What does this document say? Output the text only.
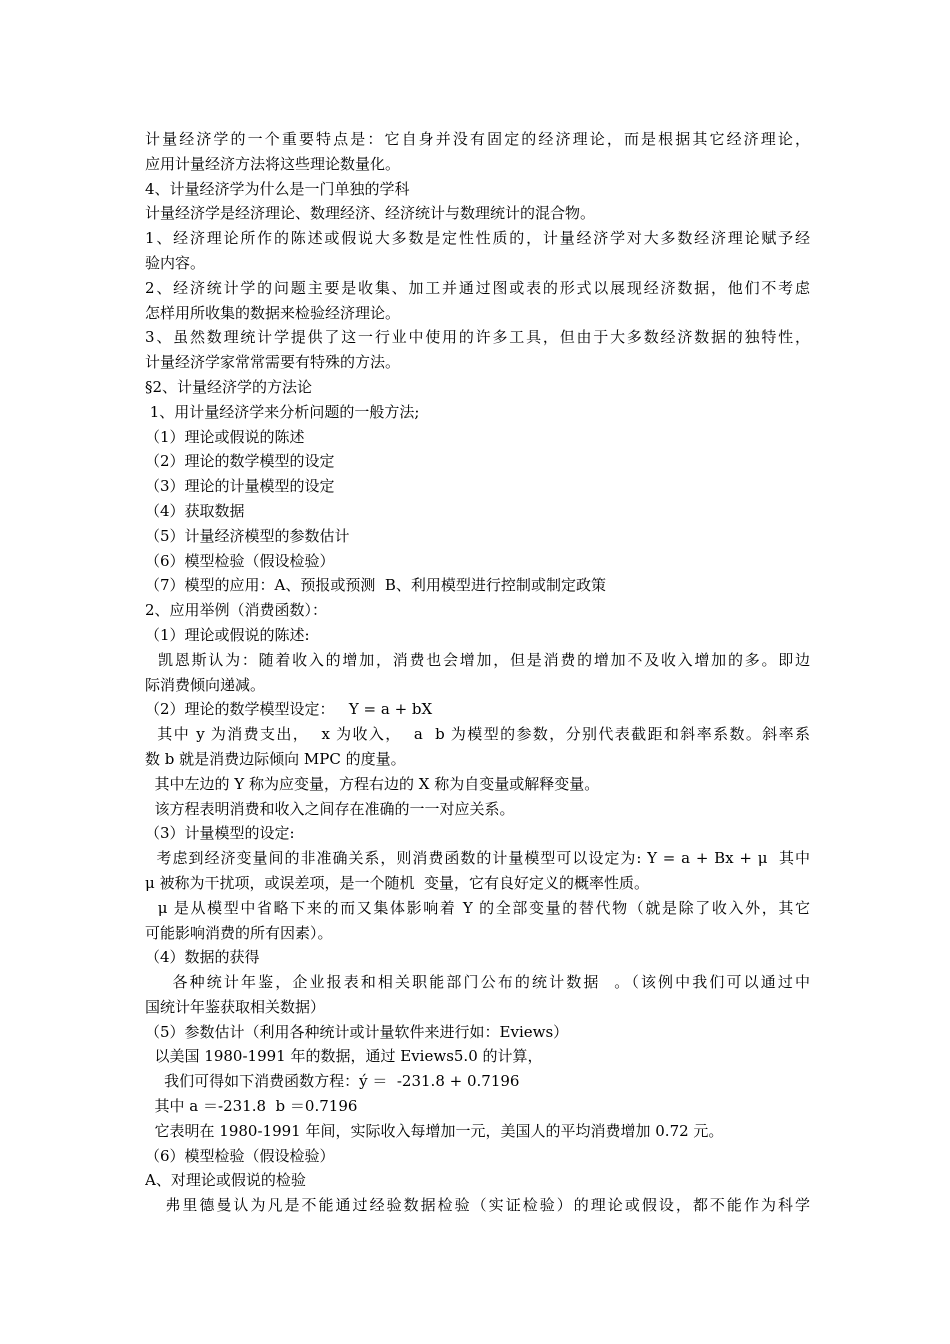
计量经济学的一个重要特点是：它自身并没有固定的经济理论，而是根据其它经济理论，
应用计量经济方法将这些理论数量化。
4、计量经济学为什么是一门单独的学科
计量经济学是经济理论、数理经济、经济统计与数理统计的混合物。
1、经济理论所作的陈述或假说大多数是定性性质的，计量经济学对大多数经济理论赋予经
验内容。
2、经济统计学的问题主要是收集、加工并通过图或表的形式以展现经济数据，他们不考虑
怎样用所收集的数据来检验经济理论。
3、虽然数理统计学提供了这一行业中使用的许多工具，但由于大多数经济数据的独特性，
计量经济学家常常需要有特殊的方法。
§2、计量经济学的方法论
1、用计量经济学来分析问题的一般方法;
（1）理论或假说的陈述
（2）理论的数学模型的设定
（3）理论的计量模型的设定
（4）获取数据
（5）计量经济模型的参数估计
（6）模型检验（假设检验）
（7）模型的应用：A、预报或预测  B、利用模型进行控制或制定政策
2、应用举例（消费函数）：
（1）理论或假说的陈述:
凯恩斯认为：随着收入的增加，消费也会增加，但是消费的增加不及收入增加的多。即边
际消费倾向递减。
（2）理论的数学模型设定：   Y = a + bX
其中 y 为消费支出，  x 为收入，  a  b 为模型的参数，分别代表截距和斜率系数。斜率系
数 b 就是消费边际倾向 MPC 的度量。
其中左边的 Y 称为应变量，方程右边的 X 称为自变量或解释变量。
该方程表明消费和收入之间存在准确的一一对应关系。
（3）计量模型的设定:
考虑到经济变量间的非准确关系，则消费函数的计量模型可以设定为: Y = a + Bx + μ  其中
μ 被称为干扰项，或误差项，是一个随机  变量，它有良好定义的概率性质。
μ 是从模型中省略下来的而又集体影响着 Y 的全部变量的替代物（就是除了收入外，其它
可能影响消费的所有因素）。
（4）数据的获得
各种统计年鉴，企业报表和相关职能部门公布的统计数据  。（该例中我们可以通过中
国统计年鉴获取相关数据）
（5）参数估计（利用各种统计或计量软件来进行如：Eviews）
以美国 1980-1991 年的数据，通过 Eviews5.0 的计算，
我们可得如下消费函数方程：ý ＝  -231.8 + 0.7196
其中 a ＝-231.8  b ＝0.7196
它表明在 1980-1991 年间，实际收入每增加一元，美国人的平均消费增加 0.72 元。
（6）模型检验（假设检验）
A、对理论或假说的检验
弗里德曼认为凡是不能通过经验数据检验（实证检验）的理论或假设，都不能作为科学
